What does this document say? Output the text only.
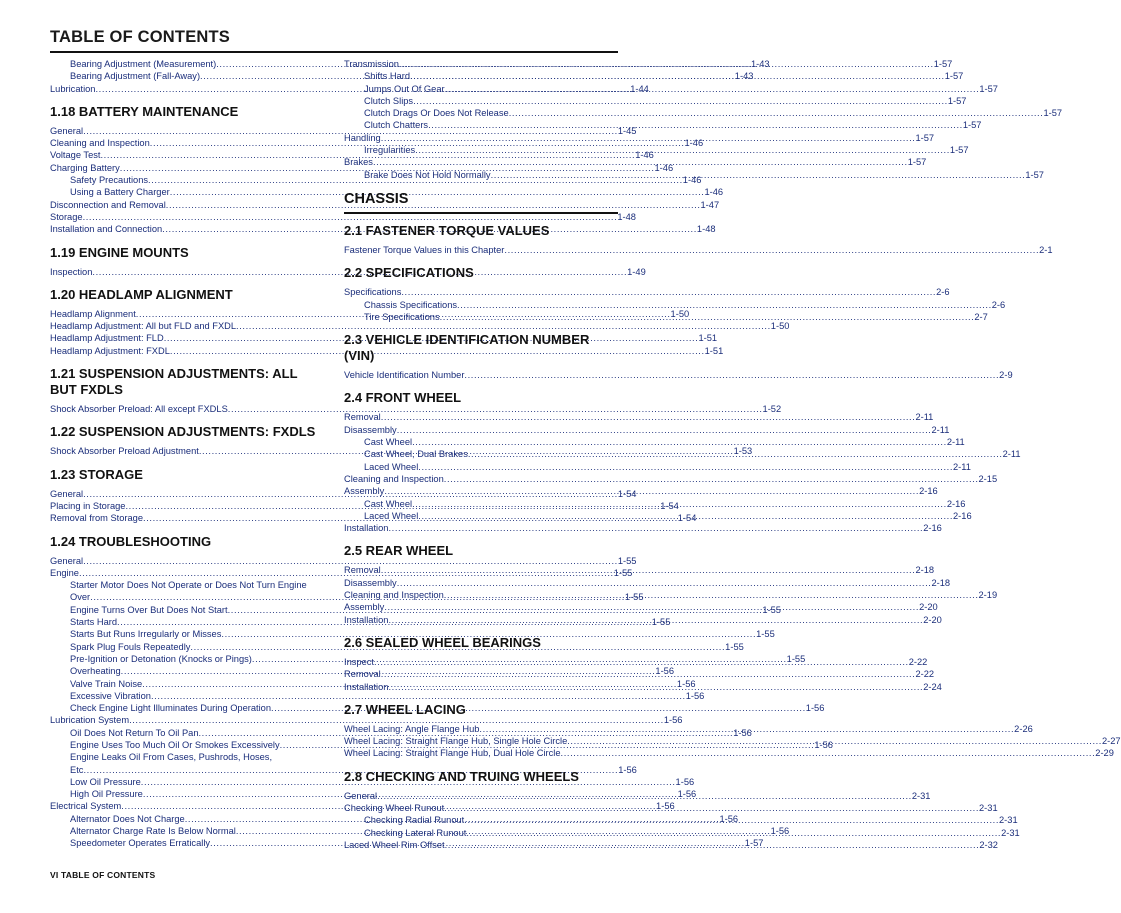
TABLE OF CONTENTS
Bearing Adjustment (Measurement) .....	1-43
Bearing Adjustment (Fall-Away) .....	1-43
Lubrication .....	1-44
1.18 BATTERY MAINTENANCE
General .....	1-45
Cleaning and Inspection .....	1-46
Voltage Test .....	1-46
Charging Battery .....	1-46
Safety Precautions .....	1-46
Using a Battery Charger .....	1-46
Disconnection and Removal .....	1-47
Storage .....	1-48
Installation and Connection .....	1-48
1.19 ENGINE MOUNTS
Inspection .....	1-49
1.20 HEADLAMP ALIGNMENT
Headlamp Alignment .....	1-50
Headlamp Adjustment: All but FLD and FXDL .....	1-50
Headlamp Adjustment: FLD .....	1-51
Headlamp Adjustment: FXDL .....	1-51
1.21 SUSPENSION ADJUSTMENTS: ALL BUT FXDLS
Shock Absorber Preload: All except FXDLS .....	1-52
1.22 SUSPENSION ADJUSTMENTS: FXDLS
Shock Absorber Preload Adjustment .....	1-53
1.23 STORAGE
General .....	1-54
Placing in Storage .....	1-54
Removal from Storage .....	1-54
1.24 TROUBLESHOOTING
General .....	1-55
Engine .....	1-55
Starter Motor Does Not Operate or Does Not Turn Engine
Over .....	1-55
Engine Turns Over But Does Not Start .....	1-55
Starts Hard .....	1-55
Starts But Runs Irregularly or Misses .....	1-55
Spark Plug Fouls Repeatedly .....	1-55
Pre-Ignition or Detonation (Knocks or Pings) .....	1-55
Overheating .....	1-56
Valve Train Noise .....	1-56
Excessive Vibration .....	1-56
Check Engine Light Illuminates During Operation .....	1-56
Lubrication System .....	1-56
Oil Does Not Return To Oil Pan .....	1-56
Engine Uses Too Much Oil Or Smokes Excessively .....	1-56
Engine Leaks Oil From Cases, Pushrods, Hoses,
Etc .....	1-56
Low Oil Pressure .....	1-56
High Oil Pressure .....	1-56
Electrical System .....	1-56
Alternator Does Not Charge .....	1-56
Alternator Charge Rate Is Below Normal .....	1-56
Speedometer Operates Erratically .....	1-57
Transmission .....	1-57
Shifts Hard .....	1-57
Jumps Out Of Gear .....	1-57
Clutch Slips .....	1-57
Clutch Drags Or Does Not Release .....	1-57
Clutch Chatters .....	1-57
Handling .....	1-57
Irregularities .....	1-57
Brakes .....	1-57
Brake Does Not Hold Normally .....	1-57
CHASSIS
2.1 FASTENER TORQUE VALUES
Fastener Torque Values in this Chapter .....	2-1
2.2 SPECIFICATIONS
Specifications .....	2-6
Chassis Specifications .....	2-6
Tire Specifications .....	2-7
2.3 VEHICLE IDENTIFICATION NUMBER (VIN)
Vehicle Identification Number .....	2-9
2.4 FRONT WHEEL
Removal .....	2-11
Disassembly .....	2-11
Cast Wheel .....	2-11
Cast Wheel, Dual Brakes .....	2-11
Laced Wheel .....	2-11
Cleaning and Inspection .....	2-15
Assembly .....	2-16
Cast Wheel .....	2-16
Laced Wheel .....	2-16
Installation .....	2-16
2.5 REAR WHEEL
Removal .....	2-18
Disassembly .....	2-18
Cleaning and Inspection .....	2-19
Assembly .....	2-20
Installation .....	2-20
2.6 SEALED WHEEL BEARINGS
Inspect .....	2-22
Removal .....	2-22
Installation .....	2-24
2.7 WHEEL LACING
Wheel Lacing: Angle Flange Hub .....	2-26
Wheel Lacing: Straight Flange Hub, Single Hole Circle .....	2-27
Wheel Lacing: Straight Flange Hub, Dual Hole Circle .....	2-29
2.8 CHECKING AND TRUING WHEELS
General .....	2-31
Checking Wheel Runout .....	2-31
Checking Radial Runout .....	2-31
Checking Lateral Runout .....	2-31
Laced Wheel Rim Offset .....	2-32
VI TABLE OF CONTENTS
